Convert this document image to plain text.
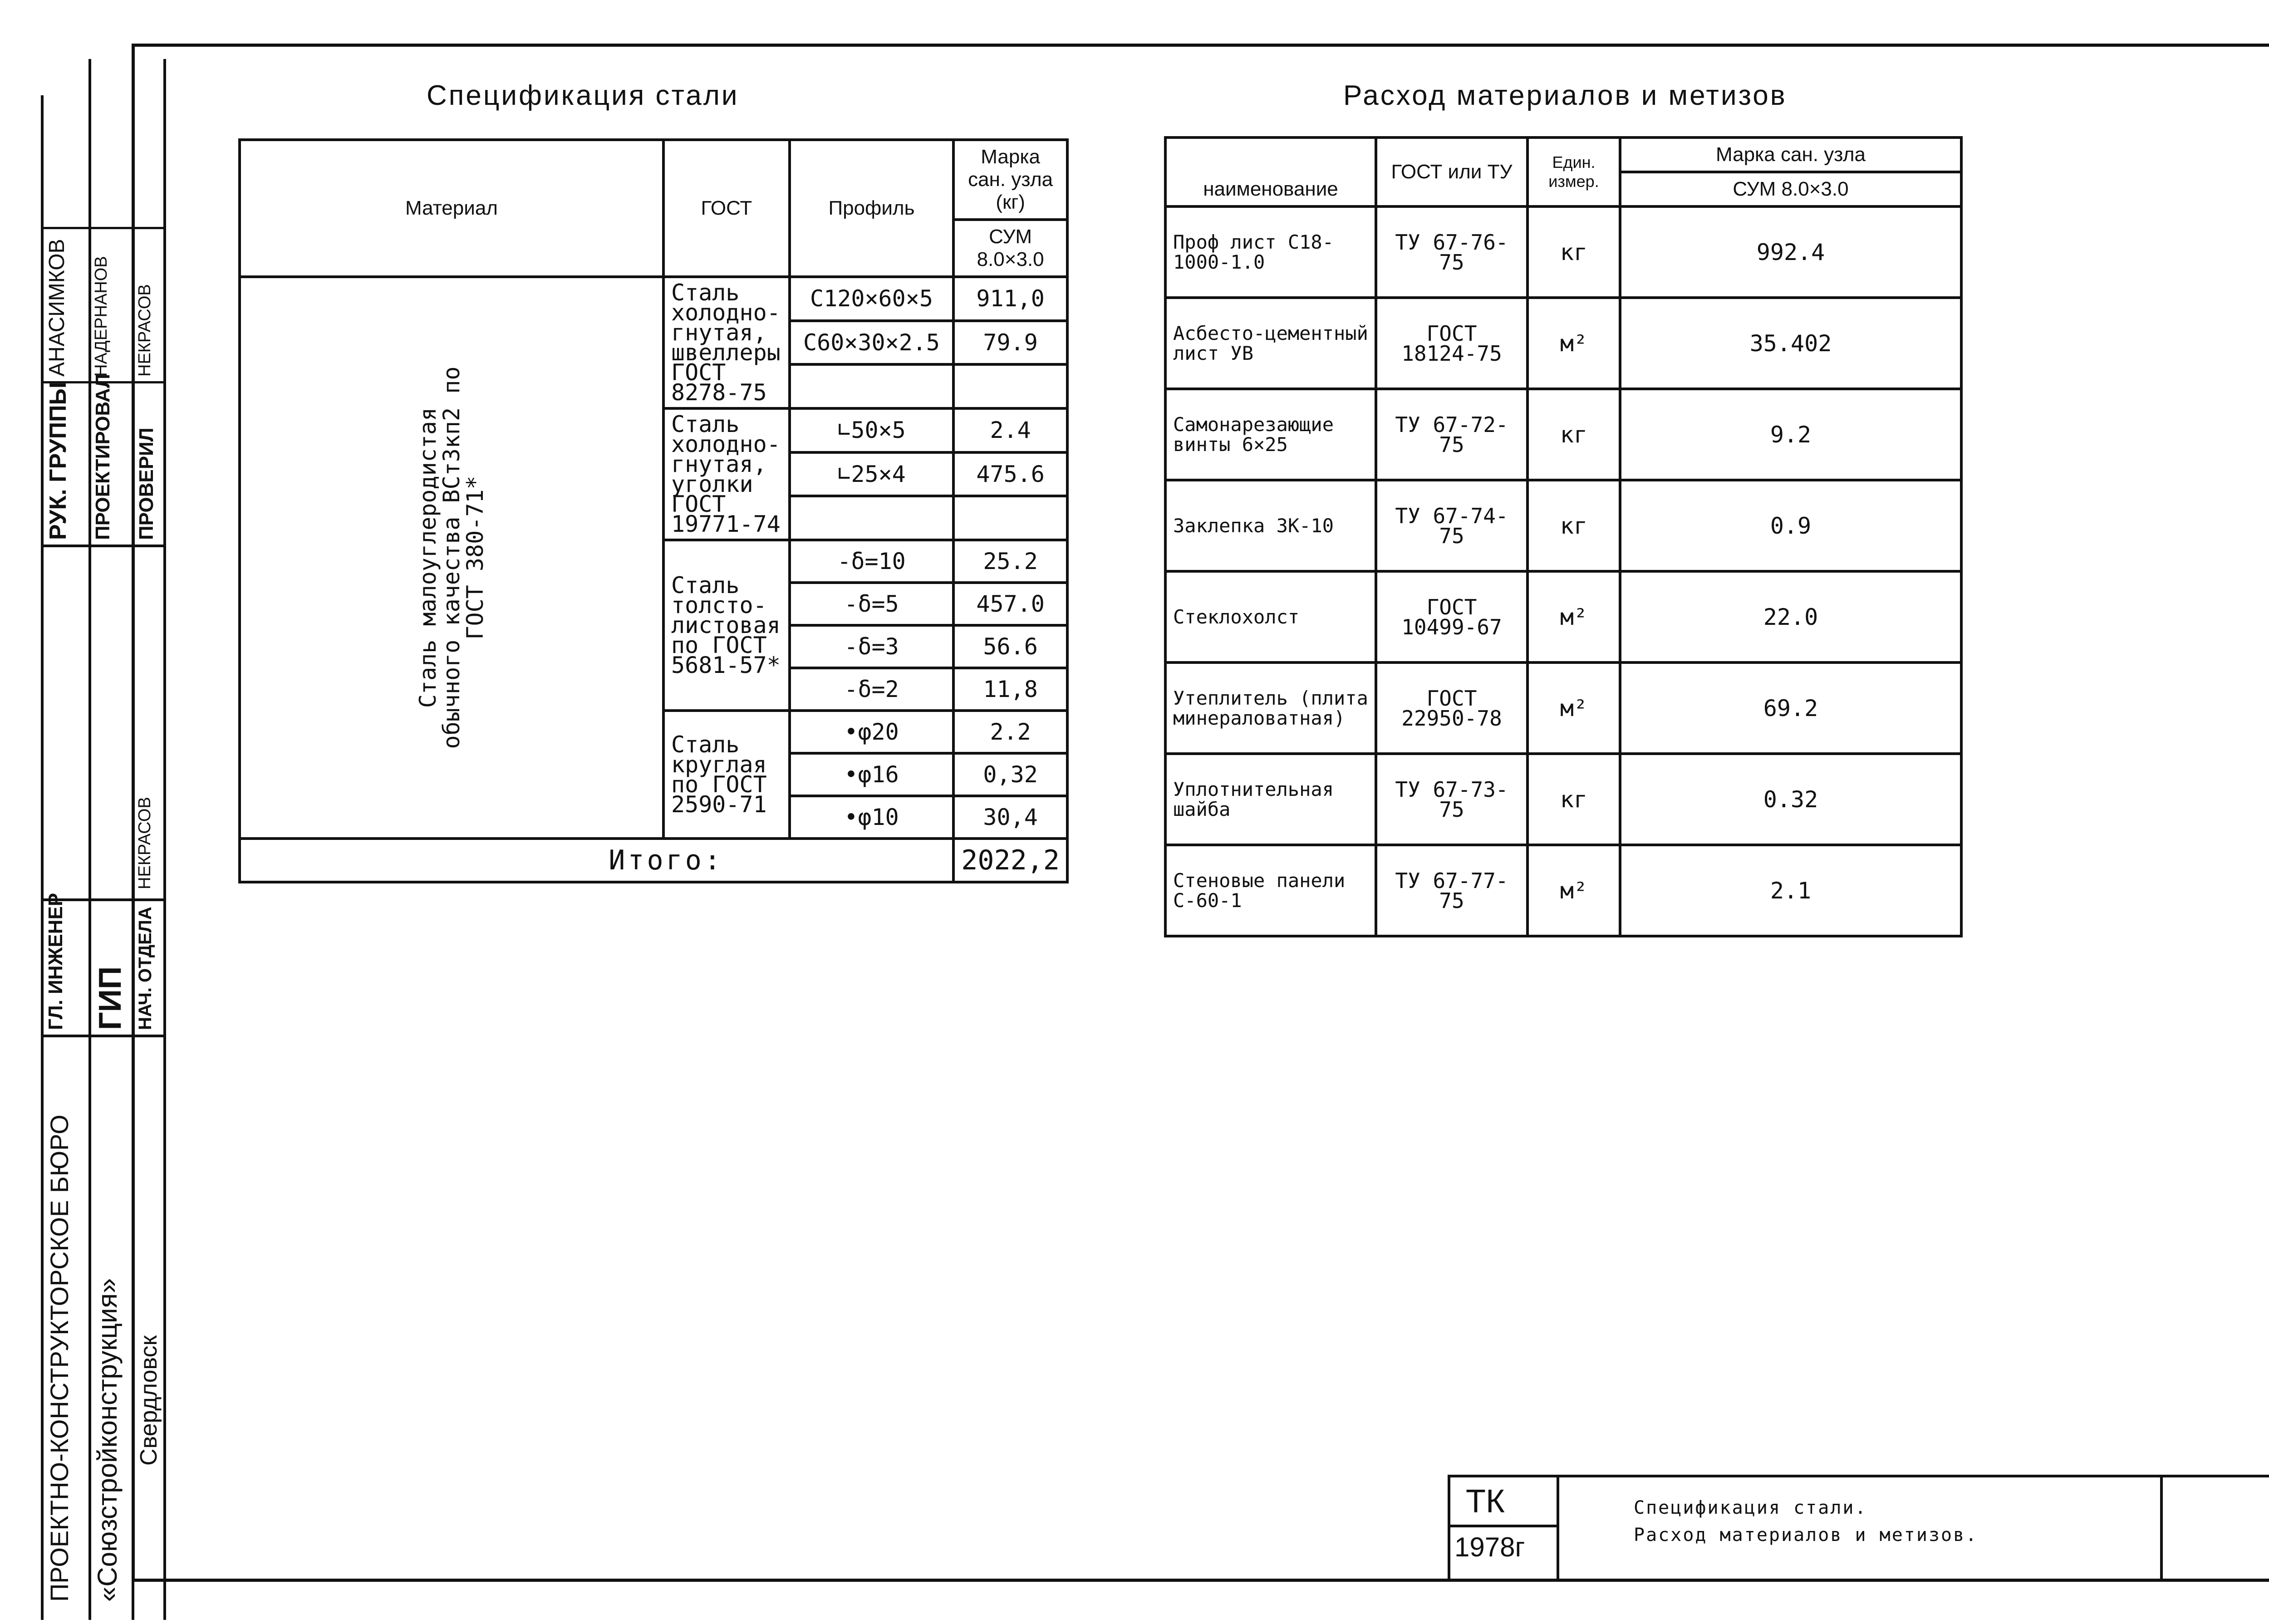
РУК. ГРУППЫ ПРОЕКТИРОВАЛ ПРОВЕРИЛ
АНАСИМКОВ НАДЕРНАНОВ НЕКРАСОВ
ГЛ. ИНЖЕНЕР ГИП НАЧ. ОТДЕЛА
НЕКРАСОВ
ПРОЕКТНО-КОНСТРУКТОРСКОЕ БЮРО «Союзстройконструкция» Свердловск
Спецификация стали
Материал	ГОСТ	Профиль	Марка сан. узла (кг)
			СУМ 8.0×3.0
Сталь малоуглеродистая обычного качества ВСт3кп2 по ГОСТ 380-71*	Сталь холодно-гнутая, швеллеры ГОСТ 8278-75	С120×60×5	911,0
		С60×30×2.5	79.9

	Сталь холодно-гнутая, уголки ГОСТ 19771-74	∟50×5	2.4
		∟25×4	475.6

	Сталь толсто-листовая по ГОСТ 5681-57*	-δ=10	25.2
		-δ=5	457.0
		-δ=3	56.6
		-δ=2	11,8
	Сталь круглая по ГОСТ 2590-71	•φ20	2.2
		•φ16	0,32
		•φ10	30,4
Итого:			2022,2
Расход материалов и метизов
наименование	ГОСТ или ТУ	Един. измер.	Марка сан. узла
			СУМ 8.0×3.0
Проф лист С18-1000-1.0	ТУ 67-76-75	кг	992.4
Асбесто-цементный лист УВ	ГОСТ 18124-75	м²	35.402
Самонарезающие винты 6×25	ТУ 67-72-75	кг	9.2
Заклепка ЗК-10	ТУ 67-74-75	кг	0.9
Стеклохолст	ГОСТ 10499-67	м²	22.0
Утеплитель (плита минераловатная)	ГОСТ 22950-78	м²	69.2
Уплотнительная шайба	ТУ 67-73-75	кг	0.32
Стеновые панели С-60-1	ТУ 67-77-75	м²	2.1
ТК
1978г
Спецификация стали.
Расход материалов и метизов.
